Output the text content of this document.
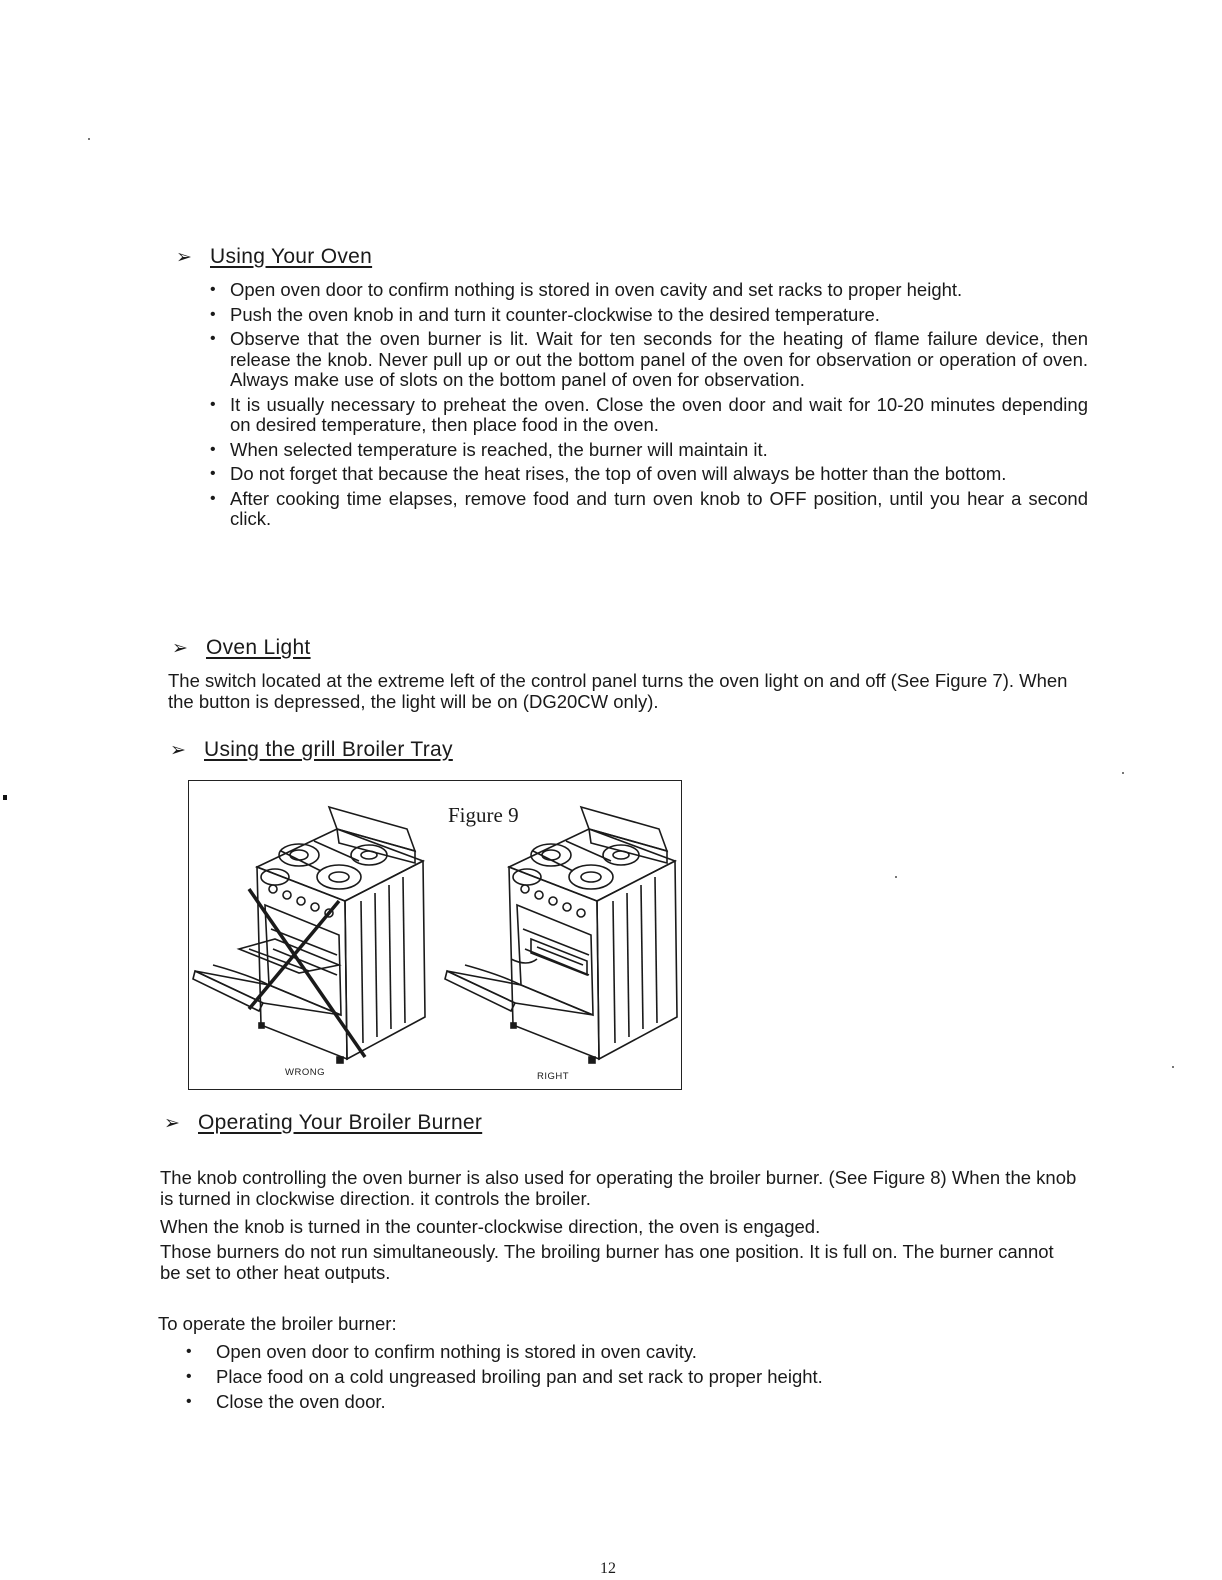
➢ Using Your Oven
• Open oven door to confirm nothing is stored in oven cavity and set racks to proper height.
• Push the oven knob in and turn it counter-clockwise to the desired temperature.
• Observe that the oven burner is lit. Wait for ten seconds for the heating of flame failure device, then release the knob. Never pull up or out the bottom panel of the oven for observation or operation of oven. Always make use of slots on the bottom panel of oven for observation.
• It is usually necessary to preheat the oven. Close the oven door and wait for 10-20 minutes depending on desired temperature, then place food in the oven.
• When selected temperature is reached, the burner will maintain it.
• Do not forget that because the heat rises, the top of oven will always be hotter than the bottom.
• After cooking time elapses, remove food and turn oven knob to OFF position, until you hear a second click.
➢ Oven Light

The switch located at the extreme left of the control panel turns the oven light on and off (See Figure 7). When the button is depressed, the light will be on (DG20CW only).

➢ Using the grill Broiler Tray
Figure 9
WRONG	RIGHT
➢ Operating Your Broiler Burner

The knob controlling the oven burner is also used for operating the broiler burner. (See Figure 8) When the knob is turned in clockwise direction. it controls the broiler.

When the knob is turned in the counter-clockwise direction, the oven is engaged.

Those burners do not run simultaneously. The broiling burner has one position. It is full on. The burner cannot be set to other heat outputs.

To operate the broiler burner:

• Open oven door to confirm nothing is stored in oven cavity.
• Place food on a cold ungreased broiling pan and set rack to proper height.
• Close the oven door.
12
